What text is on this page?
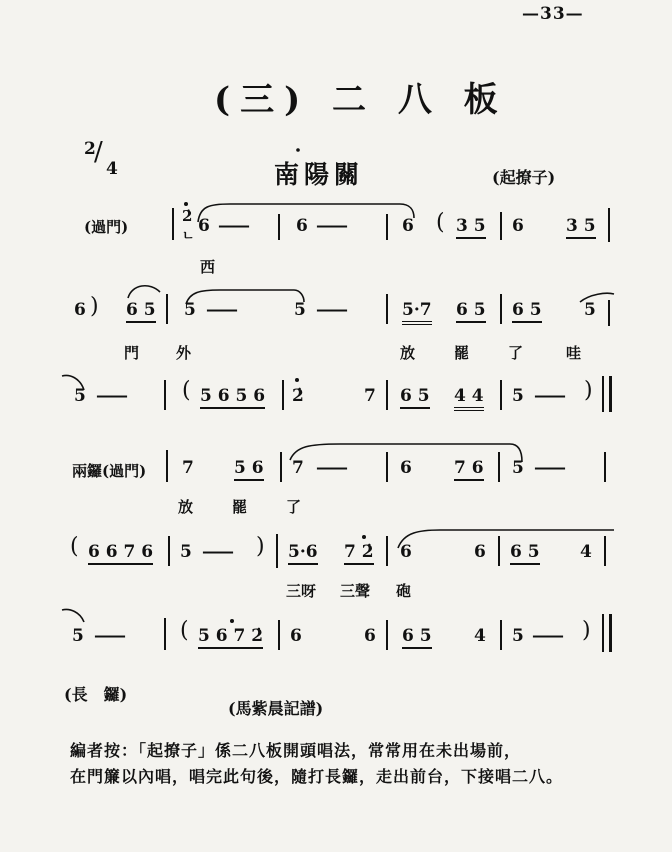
—33—
(三) 二 八 板
2
/
4	南陽關	(起撩子)
(過門)
2̇
ㄴ
6 ——	6 ——	6 ( 3 5 6 3 5
西
6 ) 6 5 5 ——	5 ——	5·7 6 5 6 5 5
門 外	放	罷	了	哇
5 ——	( 5 6 5 6 2̇	7 6 5 4 4 5 —— )
兩鑼(過門) 7 5 6 7 ——	6 7 6 5 ——
放	罷	了
( 6 6 7 6 5 —— ) 5·6 7 2̇ 6	6 6 5 4
三呀 三聲 砲
5 ——	( 5 6 7 2̇ 6	6 6 5 4 5 —— )
(長　鑼)
(馬紫晨記譜)
編者按：「起撩子」係二八板開頭唱法，常常用在未出場前，
在門簾以內唱，唱完此句後，隨打長鑼，走出前台，下接唱二八。
